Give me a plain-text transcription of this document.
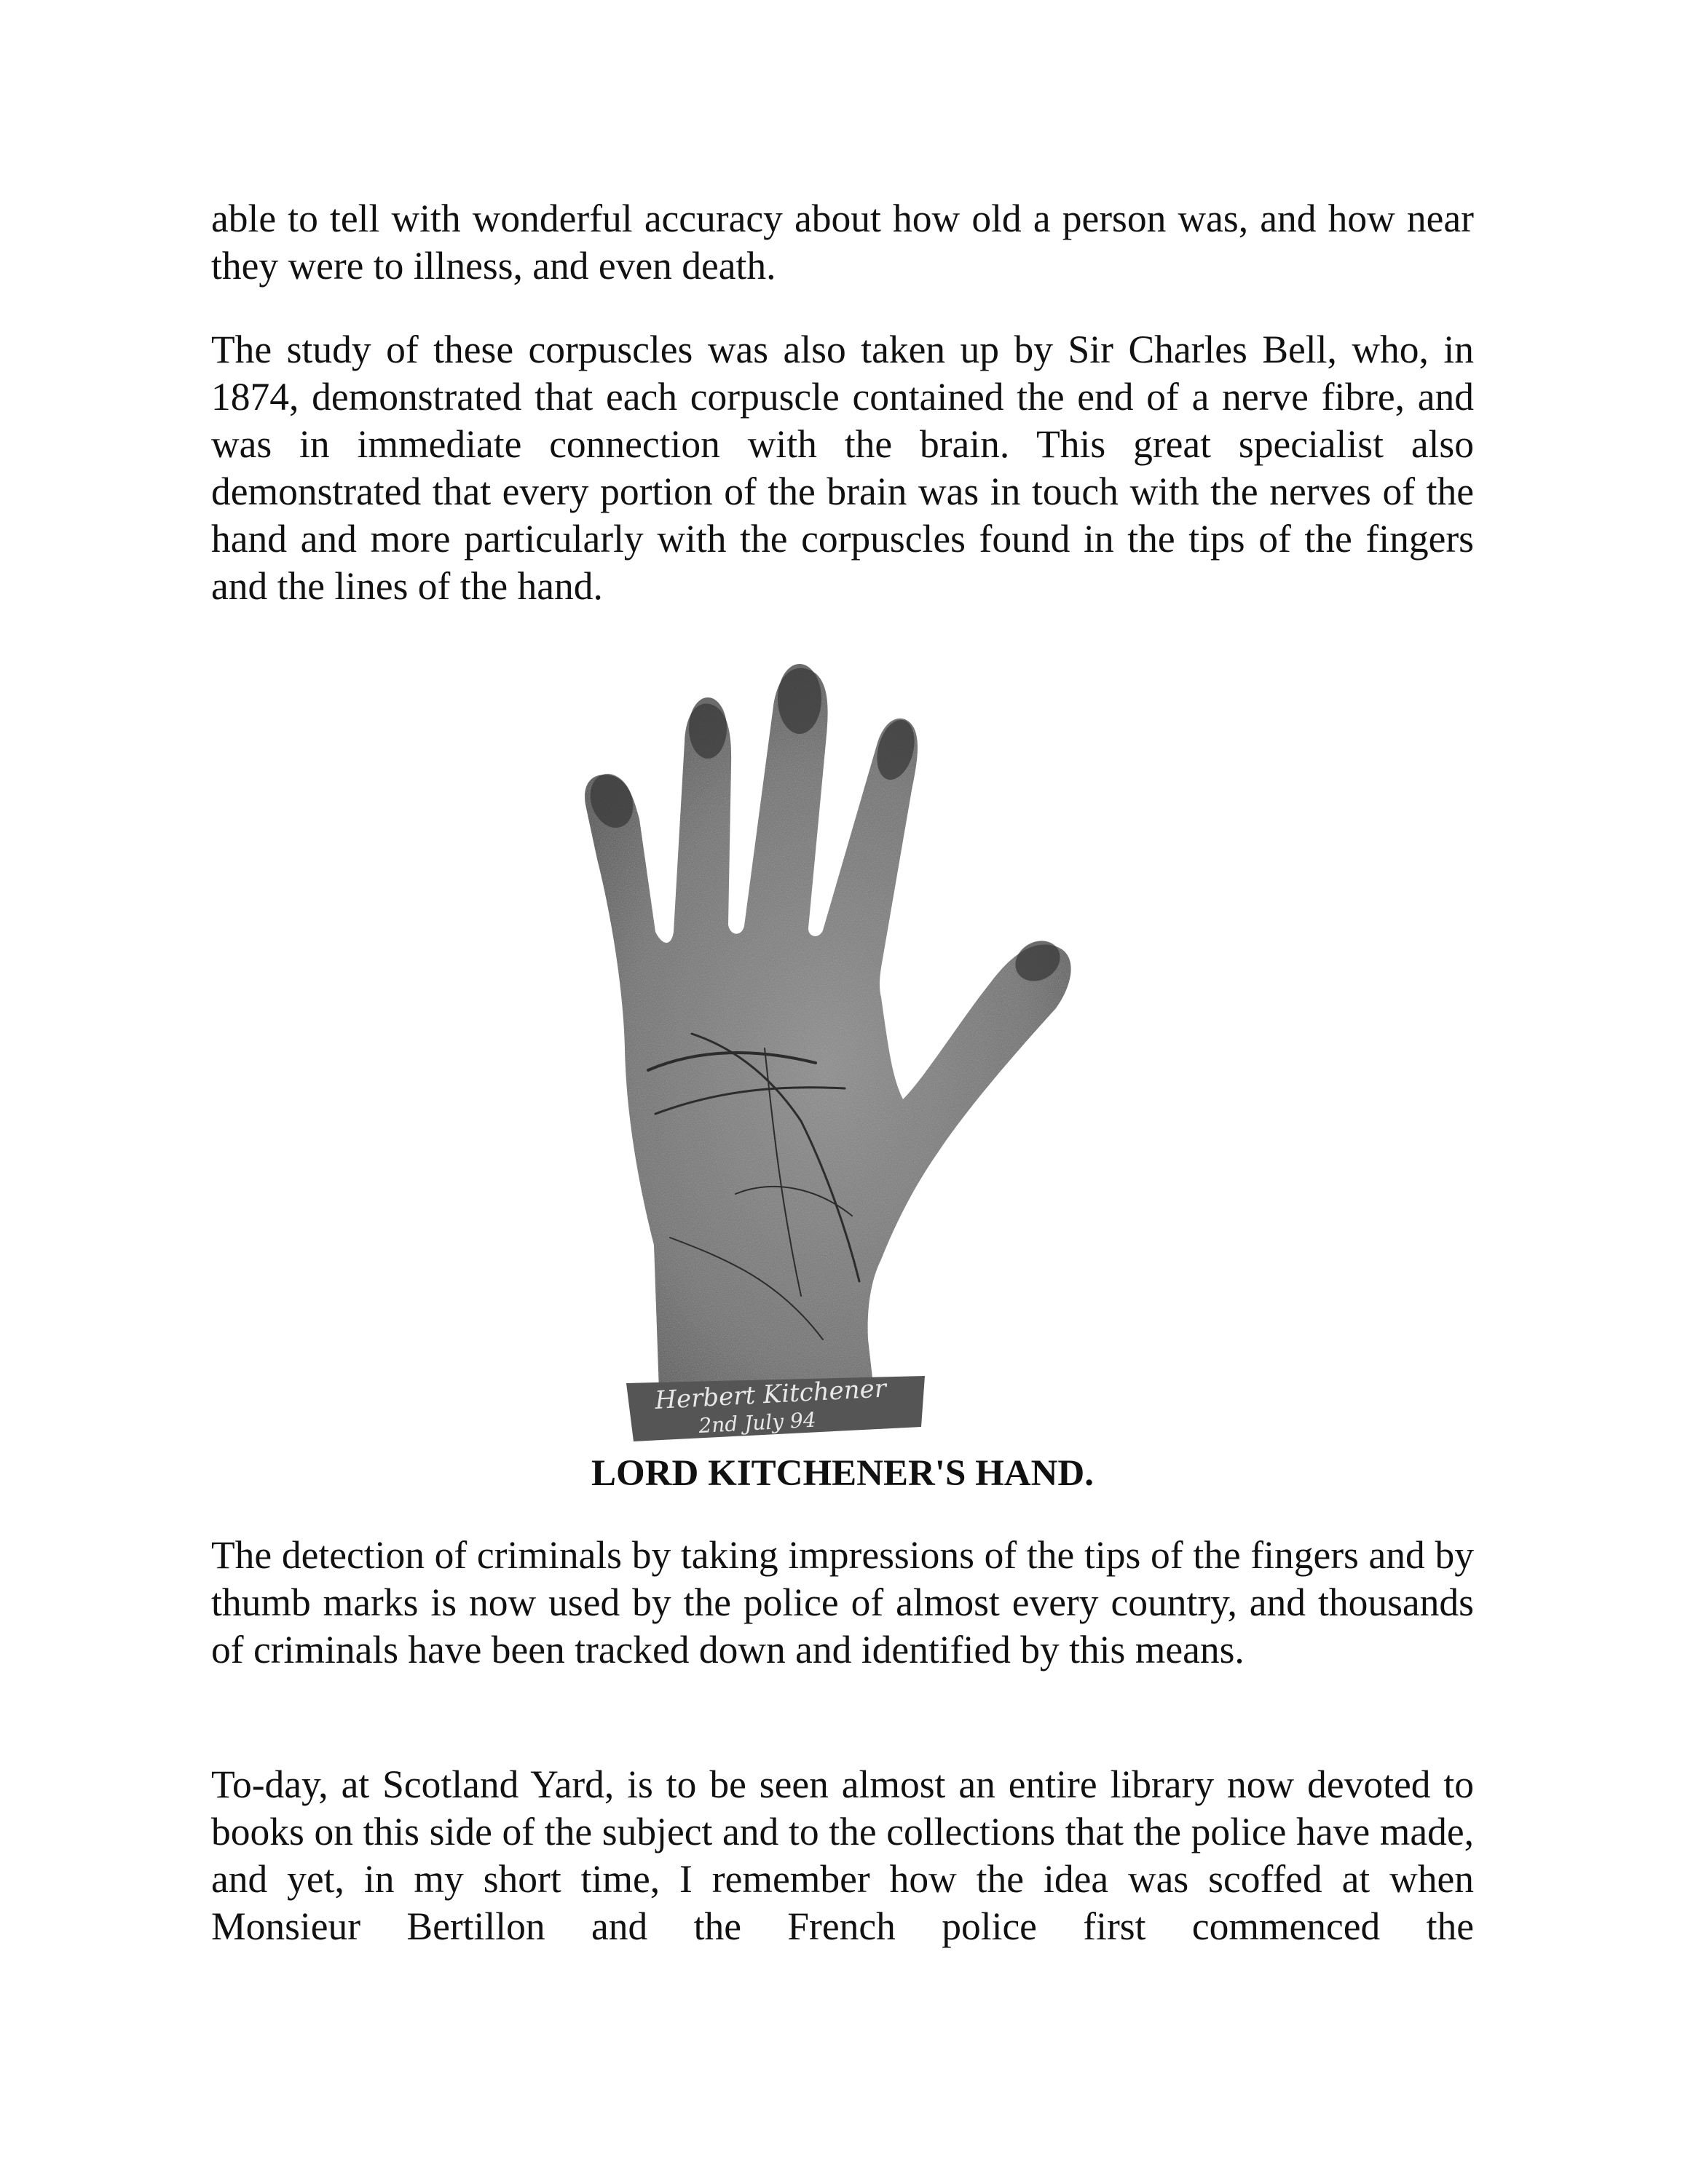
able to tell with wonderful accuracy about how old a person was, and how near they were to illness, and even death.

The study of these corpuscles was also taken up by Sir Charles Bell, who, in 1874, demonstrated that each corpuscle contained the end of a nerve fibre, and was in immediate connection with the brain. This great specialist also demonstrated that every portion of the brain was in touch with the nerves of the hand and more particularly with the corpuscles found in the tips of the fingers and the lines of the hand.

Herbert Kitchener
2nd July 94

LORD KITCHENER'S HAND.

The detection of criminals by taking impressions of the tips of the fingers and by thumb marks is now used by the police of almost every country, and thousands of criminals have been tracked down and identified by this means.

To-day, at Scotland Yard, is to be seen almost an entire library now devoted to books on this side of the subject and to the collections that the police have made, and yet, in my short time, I remember how the idea was scoffed at when Monsieur Bertillon and the French police first commenced the
